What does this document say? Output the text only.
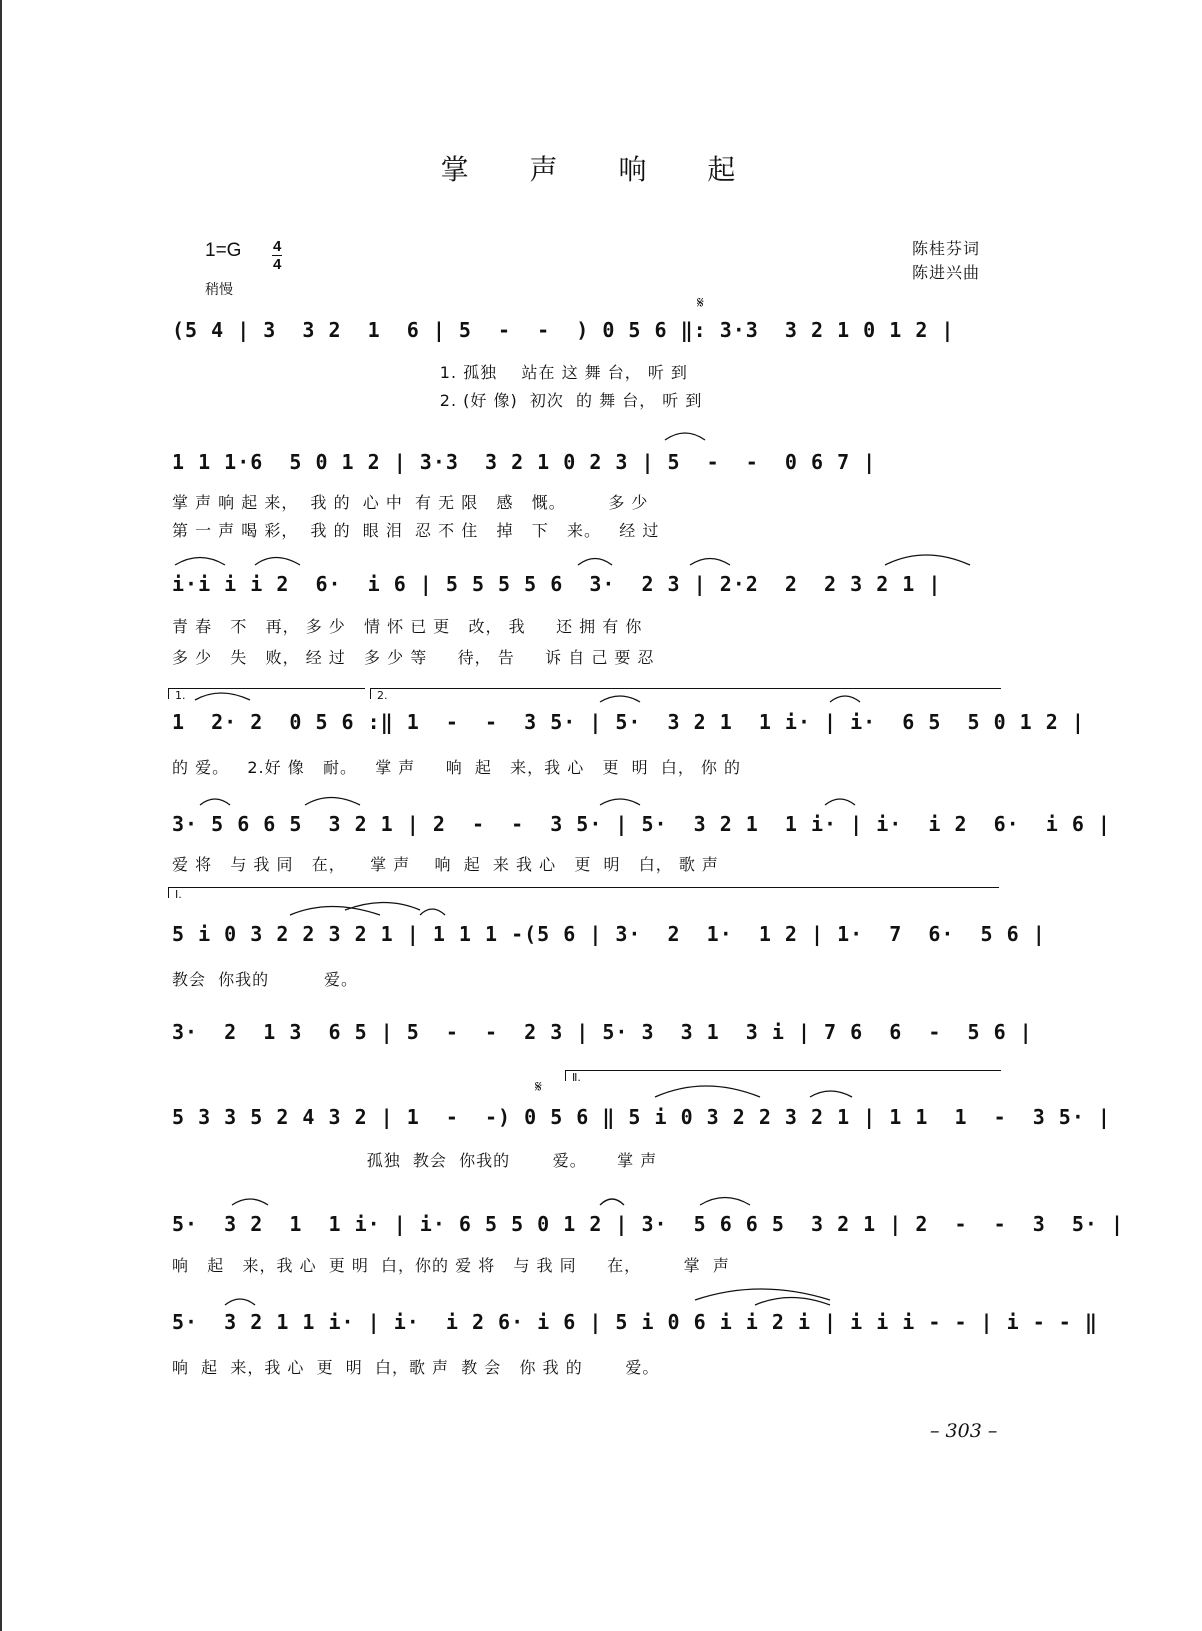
掌 声 响 起
$1=G \frac{4}{4}$
稍慢
陈桂芬词
陈进兴曲
1.	2.
Ⅰ.
Ⅱ.
𝄋
𝄋
(5 4 | 3  3 2  1  6 | 5  -  -  ) 0 5 6 ‖: 3·3  3 2 1 0 1 2 |
1. 孤独    站在 这 舞 台， 听 到
2. (好 像)  初次  的 舞 台， 听 到
1 1 1·6  5 0 1 2 | 3·3  3 2 1 0 2 3 | 5  -  -  0 6 7 |
掌 声 响 起 来，  我 的  心 中  有 无 限   感   慨。       多 少
第 一 声 喝 彩，  我 的  眼 泪  忍 不 住   掉   下   来。   经 过
i·i i i 2  6·  i 6 | 5 5 5 5 6  3·  2 3 | 2·2  2  2 3 2 1 |
青 春   不   再， 多 少   情 怀 已 更   改， 我     还 拥 有 你
多 少   失   败， 经 过   多 少 等     待， 告     诉 自 己 要 忍
1  2· 2  0 5 6 :‖ 1  -  -  3 5· | 5·  3 2 1  1 i· | i·  6 5  5 0 1 2 |
的 爱。   2.好 像   耐。   掌 声     响  起   来，我 心   更  明  白， 你 的
3· 5 6 6 5  3 2 1 | 2  -  -  3 5· | 5·  3 2 1  1 i· | i·  i 2  6·  i 6 |
爱 将   与 我 同   在，    掌 声    响  起  来 我 心   更  明   白， 歌 声
5 i 0 3 2 2 3 2 1 | 1 1 1 -(5 6 | 3·  2  1·  1 2 | 1·  7  6·  5 6 |
教会  你我的         爱。
3·  2  1 3  6 5 | 5  -  -  2 3 | 5· 3  3 1  3 i | 7 6  6  -  5 6 |
5 3 3 5 2 4 3 2 | 1  -  -) 0 5 6 ‖ 5 i 0 3 2 2 3 2 1 | 1 1  1  -  3 5· |
孤独  教会  你我的       爱。     掌 声
5·  3 2  1  1 i· | i· 6 5 5 0 1 2 | 3·  5 6 6 5  3 2 1 | 2  -  -  3  5· |
响   起   来，我 心  更 明  白，你的 爱 将   与 我 同     在，       掌  声
5·  3 2 1 1 i· | i·  i 2 6· i 6 | 5 i 0 6 i i 2 i | i i i - - | i - - ‖
响  起  来，我 心  更  明  白，歌 声  教 会   你 我 的       爱。
– 303 –
